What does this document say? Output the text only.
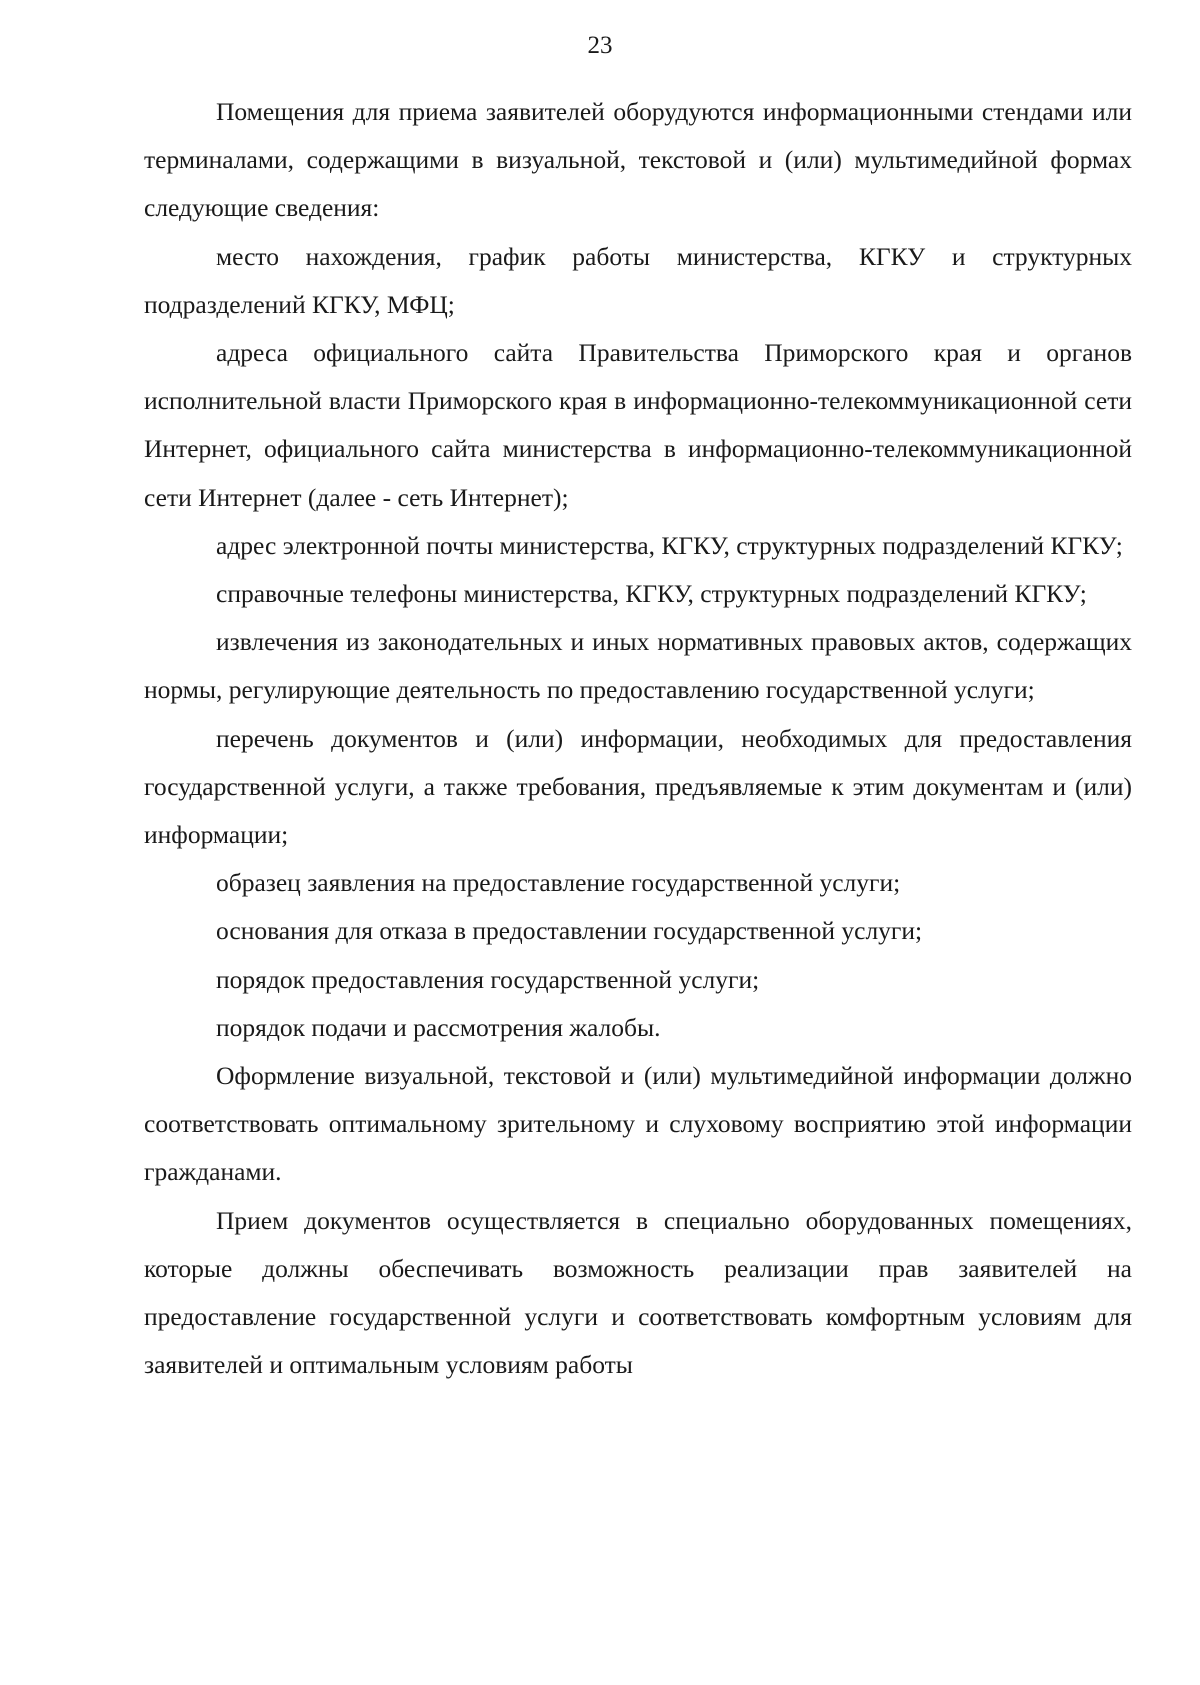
23

Помещения для приема заявителей оборудуются информационными стендами или терминалами, содержащими в визуальной, текстовой и (или) мультимедийной формах следующие сведения:

место нахождения, график работы министерства, КГКУ и структурных подразделений КГКУ, МФЦ;

адреса официального сайта Правительства Приморского края и органов исполнительной власти Приморского края в информационно-телекоммуникационной сети Интернет, официального сайта министерства в информационно-телекоммуникационной сети Интернет (далее - сеть Интернет);

адрес электронной почты министерства, КГКУ, структурных подразделений КГКУ;

справочные телефоны министерства, КГКУ, структурных подразделений КГКУ;

извлечения из законодательных и иных нормативных правовых актов, содержащих нормы, регулирующие деятельность по предоставлению государственной услуги;

перечень документов и (или) информации, необходимых для предоставления государственной услуги, а также требования, предъявляемые к этим документам и (или) информации;

образец заявления на предоставление государственной услуги;

основания для отказа в предоставлении государственной услуги;

порядок предоставления государственной услуги;

порядок подачи и рассмотрения жалобы.

Оформление визуальной, текстовой и (или) мультимедийной информации должно соответствовать оптимальному зрительному и слуховому восприятию этой информации гражданами.

Прием документов осуществляется в специально оборудованных помещениях, которые должны обеспечивать возможность реализации прав заявителей на предоставление государственной услуги и соответствовать комфортным условиям для заявителей и оптимальным условиям работы
